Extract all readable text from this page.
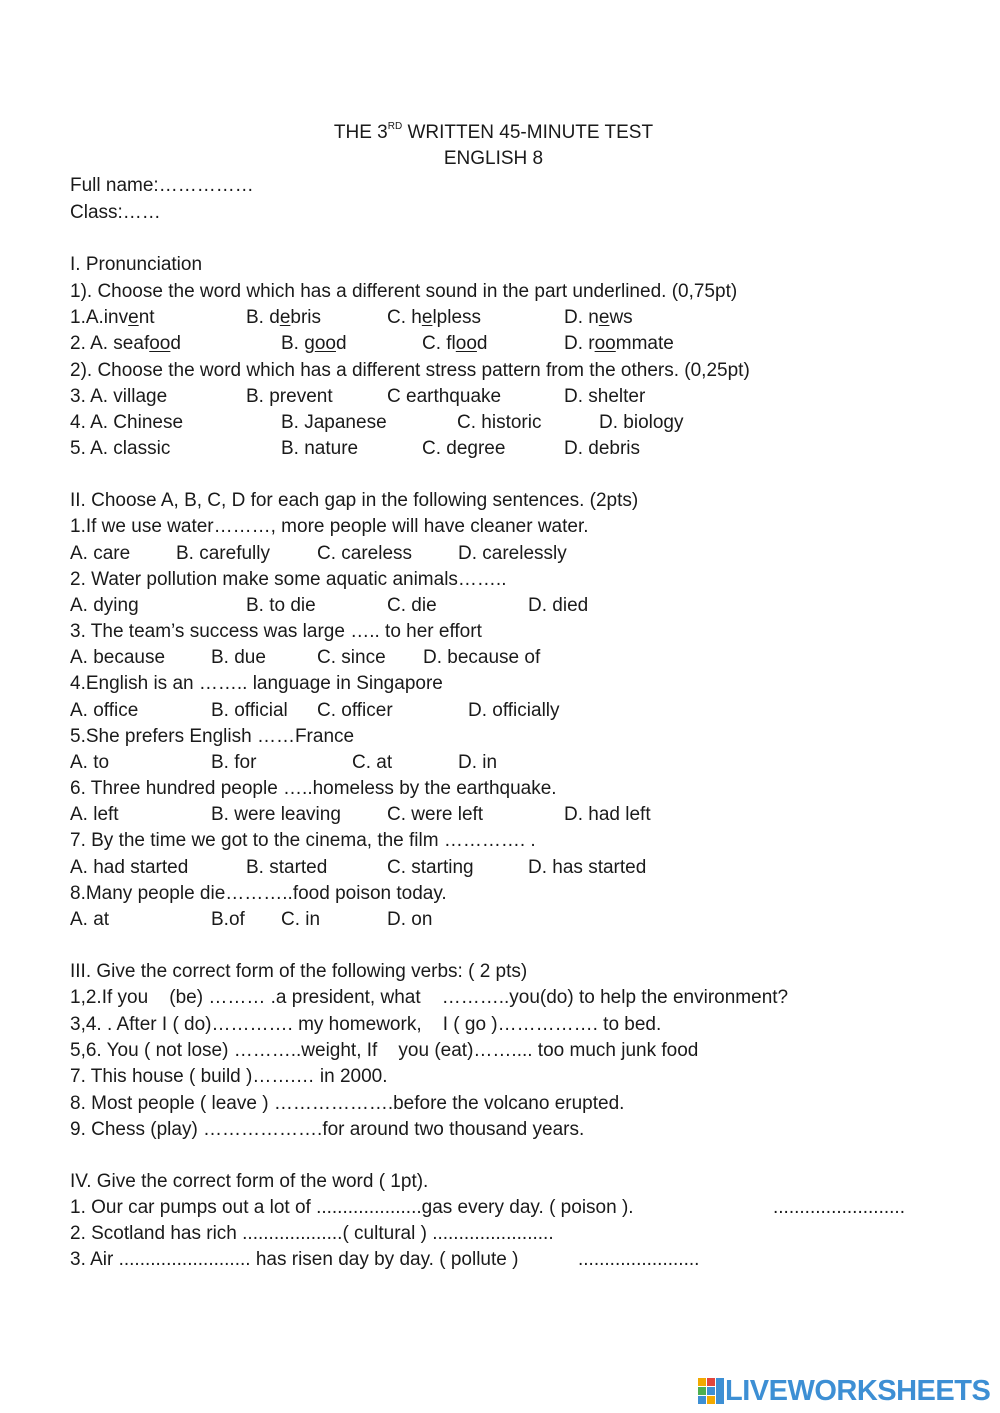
THE 3RD WRITTEN 45-MINUTE TEST
ENGLISH 8
Full name:……………
Class:……
I. Pronunciation
1). Choose the word which has a different sound in the part underlined. (0,75pt)
1.A.invent	B. debris	C. helpless	D. news
2. A. seafood	B. good	C. flood	D. roommate
2). Choose the word which has a different stress pattern from the others. (0,25pt)
3. A. village	B. prevent	C earthquake	D. shelter
4. A. Chinese	B. Japanese	C. historic	D. biology
5. A. classic	B. nature	C. degree	D. debris
II. Choose A, B, C, D for each gap in the following sentences. (2pts)
1.If we use water………, more people will have cleaner water.
A. care B. carefully C. careless D. carelessly
2. Water pollution make some aquatic animals……..
A. dying	B. to die	C. die	D. died
3. The team’s success was large ….. to her effort
A. because B. due	C. since D. because of
4.English is an …….. language in Singapore
A. office	B. official C. officer	D. officially
5.She prefers English ……France
A. to	B. for	C. at	D. in
6. Three hundred people …..homeless by the earthquake.
A. left	B. were leaving C. were left	D. had left
7. By the time we got to the cinema, the film …………. .
A. had started	B. started	C. starting	D. has started
8.Many people die………..food poison today.
A. at	B.of C. in	D. on
III. Give the correct form of the following verbs: ( 2 pts)
1,2.If you    (be) ……… .a president, what    ………..you(do) to help the environment?
3,4. . After I ( do)…………. my homework,    I ( go )……………. to bed.
5,6. You ( not lose) ………..weight, If    you (eat)…….... too much junk food
7. This house ( build )…….… in 2000.
8. Most people ( leave ) ……………….before the volcano erupted.
9. Chess (play) ……………….for around two thousand years.
IV. Give the correct form of the word ( 1pt).
1. Our car pumps out a lot of ....................gas every day. ( poison ).	.........................
2. Scotland has rich ...................( cultural ) .......................
3. Air ......................... has risen day by day. ( pollute )	.......................
LIVEWORKSHEETS
